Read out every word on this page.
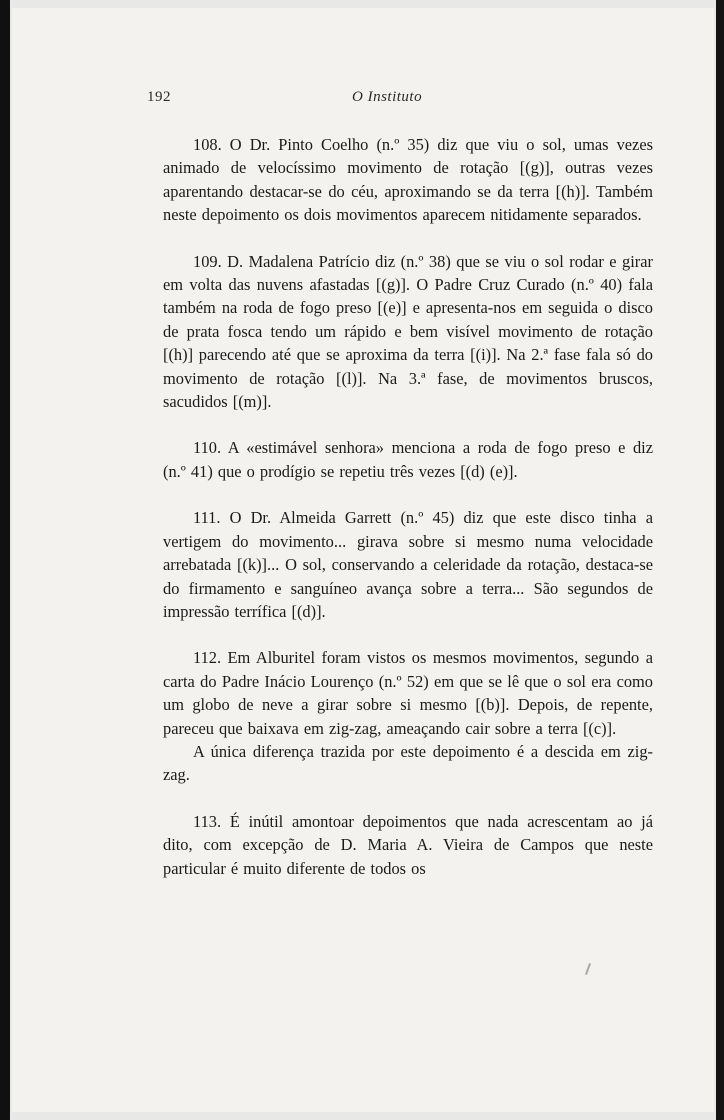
192	O Instituto

108. O Dr. Pinto Coelho (n.º 35) diz que viu o sol, umas vezes animado de velocíssimo movimento de rotação [(g)], outras vezes aparentando destacar-se do céu, aproximando se da terra [(h)]. Também neste depoimento os dois movimentos aparecem nitidamente separados.

109. D. Madalena Patrício diz (n.º 38) que se viu o sol rodar e girar em volta das nuvens afastadas [(g)]. O Padre Cruz Curado (n.º 40) fala também na roda de fogo preso [(e)] e apresenta-nos em seguida o disco de prata fosca tendo um rápido e bem visível movimento de rotação [(h)] parecendo até que se aproxima da terra [(i)]. Na 2.ª fase fala só do movimento de rotação [(l)]. Na 3.ª fase, de movimentos bruscos, sacudidos [(m)].

110. A «estimável senhora» menciona a roda de fogo preso e diz (n.º 41) que o prodígio se repetiu três vezes [(d) (e)].

111. O Dr. Almeida Garrett (n.º 45) diz que este disco tinha a vertigem do movimento... girava sobre si mesmo numa velocidade arrebatada [(k)]... O sol, conservando a celeridade da rotação, destaca-se do firmamento e sanguíneo avança sobre a terra... São segundos de impressão terrífica [(d)].

112. Em Alburitel foram vistos os mesmos movimentos, segundo a carta do Padre Inácio Lourenço (n.º 52) em que se lê que o sol era como um globo de neve a girar sobre si mesmo [(b)]. Depois, de repente, pareceu que baixava em zig-zag, ameaçando cair sobre a terra [(c)].

A única diferença trazida por este depoimento é a descida em zig-zag.

113. É inútil amontoar depoimentos que nada acrescentam ao já dito, com excepção de D. Maria A. Vieira de Campos que neste particular é muito diferente de todos os
